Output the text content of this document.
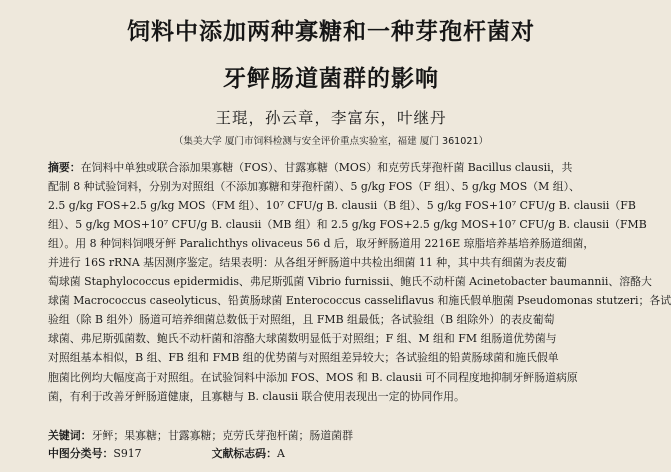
饲料中添加两种寡糖和一种芽孢杆菌对
牙鲆肠道菌群的影响
王琨，孙云章，李富东，叶继丹
（集美大学 厦门市饲料检测与安全评价重点实验室，福建 厦门 361021）
摘要：在饲料中单独或联合添加果寡糖（FOS）、甘露寡糖（MOS）和克劳氏芽孢杆菌 Bacillus clausii，共
配制 8 种试验饲料，分别为对照组（不添加寡糖和芽孢杆菌）、5 g/kg FOS（F 组）、5 g/kg MOS（M 组）、
2.5 g/kg FOS+2.5 g/kg MOS（FM 组）、10⁷ CFU/g B. clausii（B 组）、5 g/kg FOS+10⁷ CFU/g B. clausii（FB
组）、5 g/kg MOS+10⁷ CFU/g B. clausii（MB 组）和 2.5 g/kg FOS+2.5 g/kg MOS+10⁷ CFU/g B. clausii（FMB
组）。用 8 种饲料饲喂牙鲆 Paralichthys olivaceus 56 d 后，取牙鲆肠道用 2216E 琼脂培养基培养肠道细菌，
并进行 16S rRNA 基因测序鉴定。结果表明：从各组牙鲆肠道中共检出细菌 11 种，其中共有细菌为表皮葡
萄球菌 Staphylococcus epidermidis、弗尼斯弧菌 Vibrio furnissii、鲍氏不动杆菌 Acinetobacter baumannii、溶酪大
球菌 Macrococcus caseolyticus、铅黄肠球菌 Enterococcus casseliflavus 和施氏假单胞菌 Pseudomonas stutzeri；各试
验组（除 B 组外）肠道可培养细菌总数低于对照组，且 FMB 组最低；各试验组（B 组除外）的表皮葡萄
球菌、弗尼斯弧菌数、鲍氏不动杆菌和溶酪大球菌数明显低于对照组；F 组、M 组和 FM 组肠道优势菌与
对照组基本相似，B 组、FB 组和 FMB 组的优势菌与对照组差异较大；各试验组的铅黄肠球菌和施氏假单
胞菌比例均大幅度高于对照组。在试验饲料中添加 FOS、MOS 和 B. clausii 可不同程度地抑制牙鲆肠道病原
菌，有利于改善牙鲆肠道健康，且寡糖与 B. clausii 联合使用表现出一定的协同作用。
关键词：牙鲆；果寡糖；甘露寡糖；克劳氏芽孢杆菌；肠道菌群
中图分类号：S917	文献标志码：A
